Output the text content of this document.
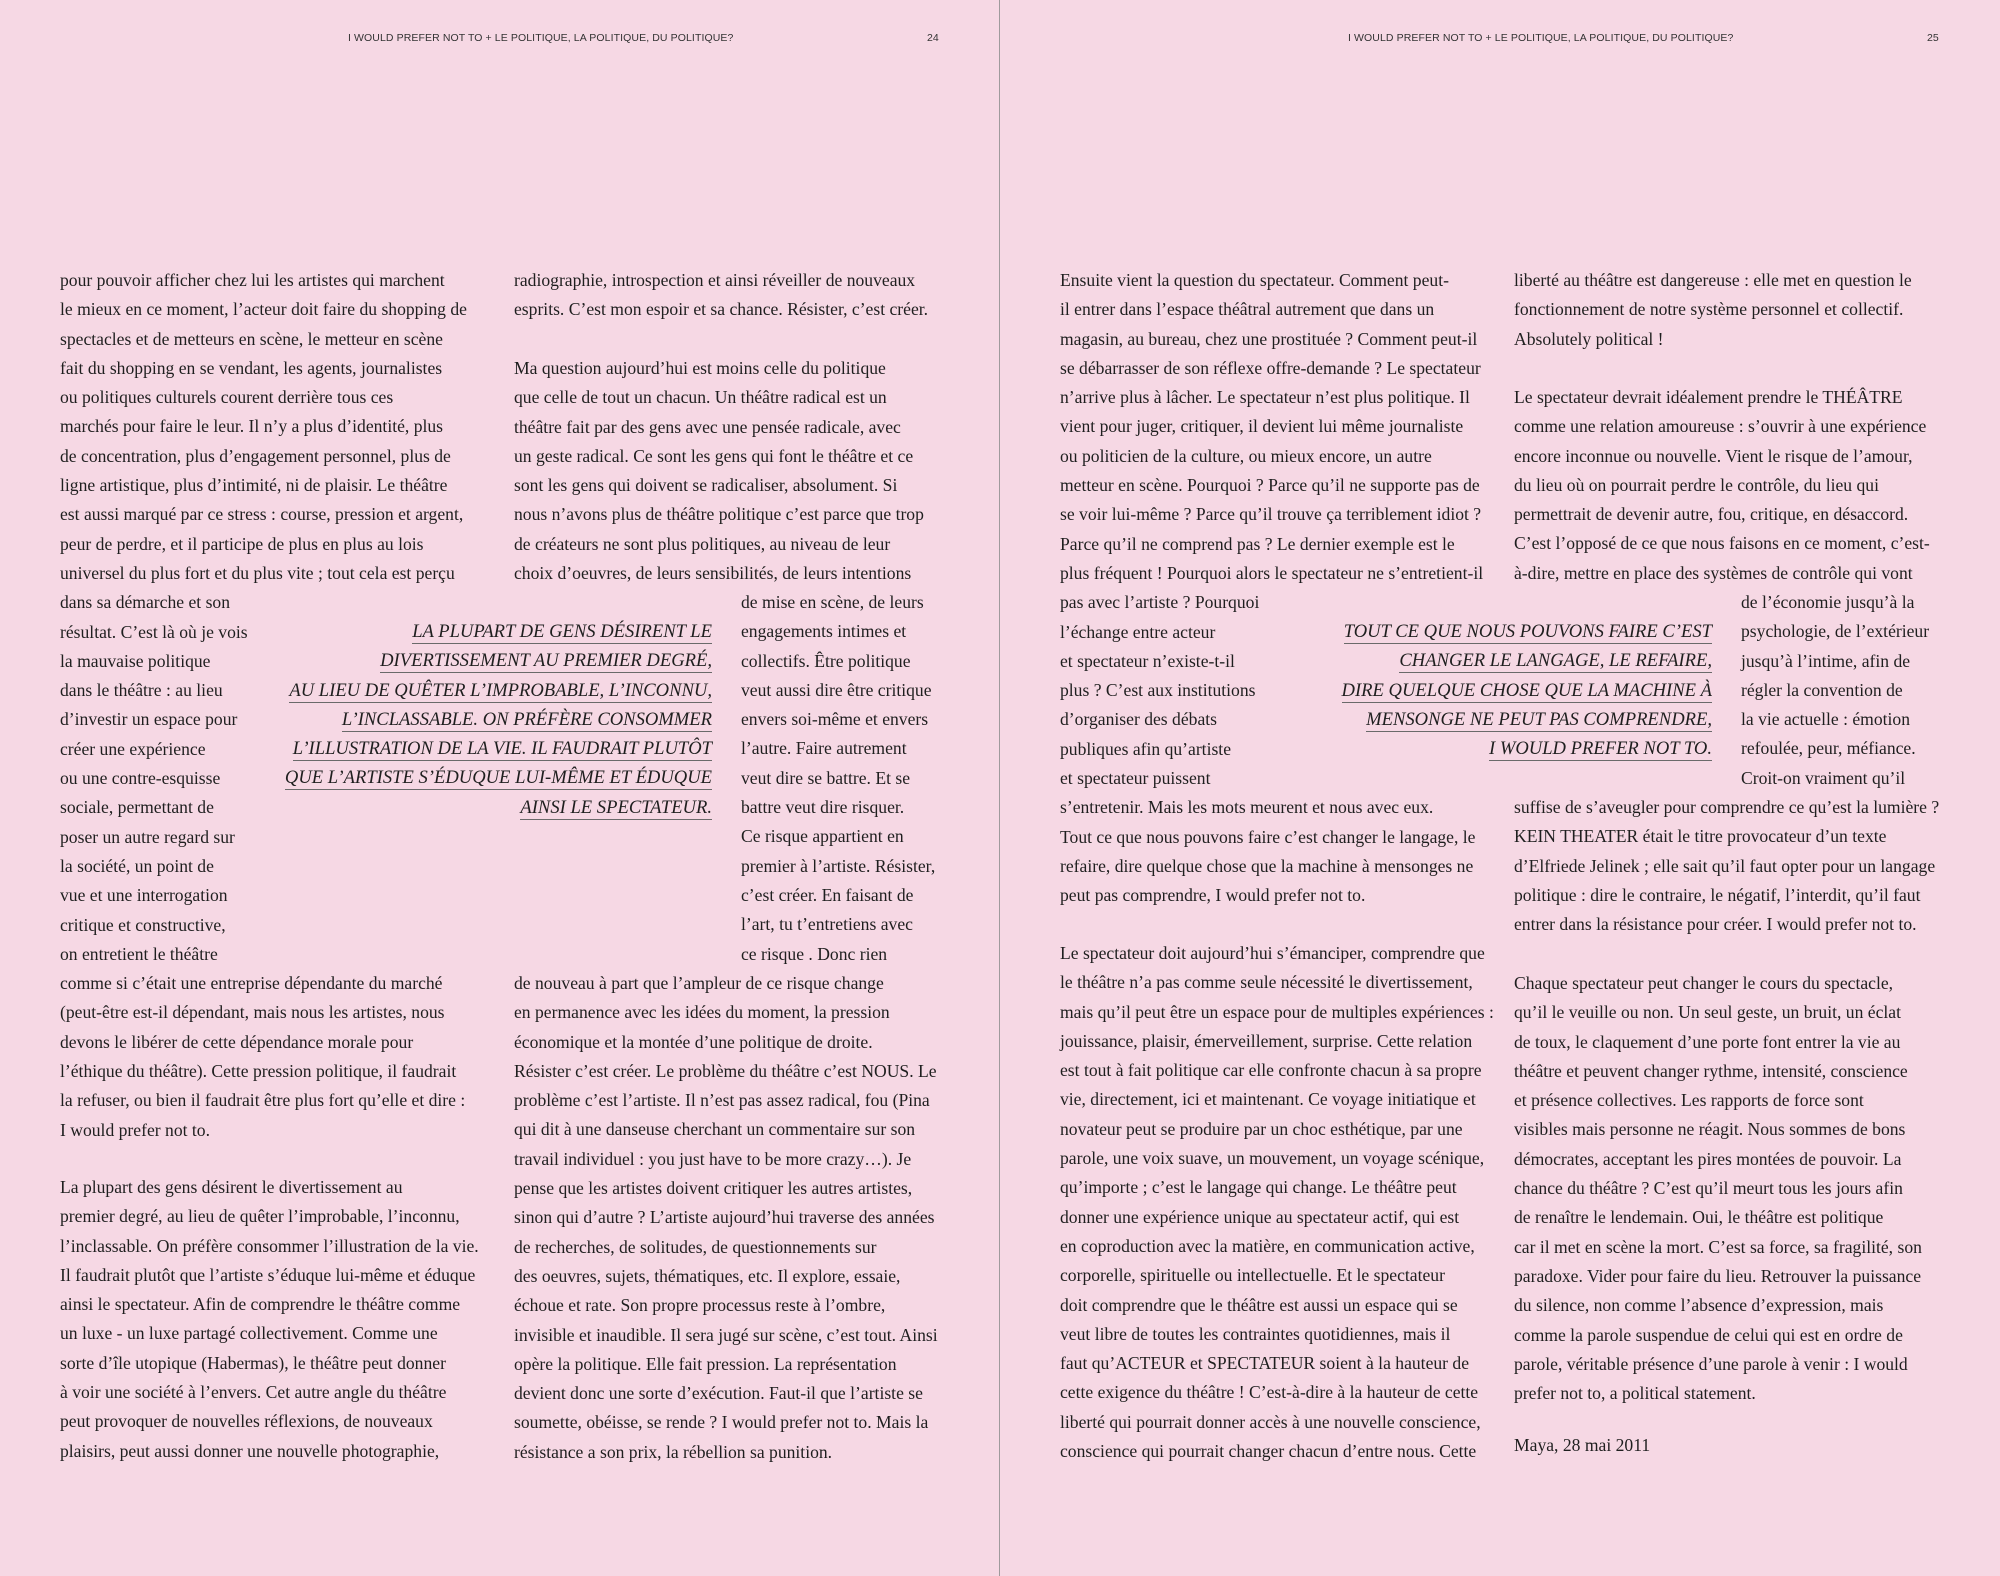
I WOULD PREFER NOT TO + LE POLITIQUE, LA POLITIQUE, DU POLITIQUE?	24	I WOULD PREFER NOT TO + LE POLITIQUE, LA POLITIQUE, DU POLITIQUE?	25
pour pouvoir afficher chez lui les artistes qui marchent
le mieux en ce moment, l’acteur doit faire du shopping de
spectacles et de metteurs en scène, le metteur en scène
fait du shopping en se vendant, les agents, journalistes
ou politiques culturels courent derrière tous ces
marchés pour faire le leur. Il n’y a plus d’identité, plus
de concentration, plus d’engagement personnel, plus de
ligne artistique, plus d’intimité, ni de plaisir. Le théâtre
est aussi marqué par ce stress : course, pression et argent,
peur de perdre, et il participe de plus en plus au lois
universel du plus fort et du plus vite ; tout cela est perçu
dans sa démarche et son
résultat. C’est là où je vois
la mauvaise politique
dans le théâtre : au lieu
d’investir un espace pour
créer une expérience
ou une contre-esquisse
sociale, permettant de
poser un autre regard sur
la société, un point de
vue et une interrogation
critique et constructive,
on entretient le théâtre
comme si c’était une entreprise dépendante du marché
(peut-être est-il dépendant, mais nous les artistes, nous
devons le libérer de cette dépendance morale pour
l’éthique du théâtre). Cette pression politique, il faudrait
la refuser, ou bien il faudrait être plus fort qu’elle et dire :
I would prefer not to.
La plupart des gens désirent le divertissement au
premier degré, au lieu de quêter l’improbable, l’inconnu,
l’inclassable. On préfère consommer l’illustration de la vie.
Il faudrait plutôt que l’artiste s’éduque lui-même et éduque
ainsi le spectateur. Afin de comprendre le théâtre comme
un luxe - un luxe partagé collectivement. Comme une
sorte d’île utopique (Habermas), le théâtre peut donner
à voir une société à l’envers. Cet autre angle du théâtre
peut provoquer de nouvelles réflexions, de nouveaux
plaisirs, peut aussi donner une nouvelle photographie,
radiographie, introspection et ainsi réveiller de nouveaux
esprits. C’est mon espoir et sa chance. Résister, c’est créer.
Ma question aujourd’hui est moins celle du politique
que celle de tout un chacun. Un théâtre radical est un
théâtre fait par des gens avec une pensée radicale, avec
un geste radical. Ce sont les gens qui font le théâtre et ce
sont les gens qui doivent se radicaliser, absolument. Si
nous n’avons plus de théâtre politique c’est parce que trop
de créateurs ne sont plus politiques, au niveau de leur
choix d’oeuvres, de leurs sensibilités, de leurs intentions
de mise en scène, de leurs
engagements intimes et
collectifs. Être politique
veut aussi dire être critique
envers soi-même et envers
l’autre. Faire autrement
veut dire se battre. Et se
battre veut dire risquer.
Ce risque appartient en
premier à l’artiste. Résister,
c’est créer. En faisant de
l’art, tu t’entretiens avec
ce risque . Donc rien
de nouveau à part que l’ampleur de ce risque change
en permanence avec les idées du moment, la pression
économique et la montée d’une politique de droite.
Résister c’est créer. Le problème du théâtre c’est NOUS. Le
problème c’est l’artiste. Il n’est pas assez radical, fou (Pina
qui dit à une danseuse cherchant un commentaire sur son
travail individuel : you just have to be more crazy…). Je
pense que les artistes doivent critiquer les autres artistes,
sinon qui d’autre ? L’artiste aujourd’hui traverse des années
de recherches, de solitudes, de questionnements sur
des oeuvres, sujets, thématiques, etc. Il explore, essaie,
échoue et rate. Son propre processus reste à l’ombre,
invisible et inaudible. Il sera jugé sur scène, c’est tout. Ainsi
opère la politique. Elle fait pression. La représentation
devient donc une sorte d’exécution. Faut-il que l’artiste se
soumette, obéisse, se rende ? I would prefer not to. Mais la
résistance a son prix, la rébellion sa punition.
LA PLUPART DE GENS DÉSIRENT LE
DIVERTISSEMENT AU PREMIER DEGRÉ,
AU LIEU DE QUÊTER L’IMPROBABLE, L’INCONNU,
L’INCLASSABLE. ON PRÉFÈRE CONSOMMER
L’ILLUSTRATION DE LA VIE. IL FAUDRAIT PLUTÔT
QUE L’ARTISTE S’ÉDUQUE LUI-MÊME ET ÉDUQUE
AINSI LE SPECTATEUR.
Ensuite vient la question du spectateur. Comment peut-
il entrer dans l’espace théâtral autrement que dans un
magasin, au bureau, chez une prostituée ? Comment peut-il
se débarrasser de son réflexe offre-demande ? Le spectateur
n’arrive plus à lâcher. Le spectateur n’est plus politique. Il
vient pour juger, critiquer, il devient lui même journaliste
ou politicien de la culture, ou mieux encore, un autre
metteur en scène. Pourquoi ? Parce qu’il ne supporte pas de
se voir lui-même ? Parce qu’il trouve ça terriblement idiot ?
Parce qu’il ne comprend pas ? Le dernier exemple est le
plus fréquent ! Pourquoi alors le spectateur ne s’entretient-il
pas avec l’artiste ? Pourquoi
l’échange entre acteur
et spectateur n’existe-t-il
plus ? C’est aux institutions
d’organiser des débats
publiques afin qu’artiste
et spectateur puissent
s’entretenir. Mais les mots meurent et nous avec eux.
Tout ce que nous pouvons faire c’est changer le langage, le
refaire, dire quelque chose que la machine à mensonges ne
peut pas comprendre, I would prefer not to.
Le spectateur doit aujourd’hui s’émanciper, comprendre que
le théâtre n’a pas comme seule nécessité le divertissement,
mais qu’il peut être un espace pour de multiples expériences :
jouissance, plaisir, émerveillement, surprise. Cette relation
est tout à fait politique car elle confronte chacun à sa propre
vie, directement, ici et maintenant. Ce voyage initiatique et
novateur peut se produire par un choc esthétique, par une
parole, une voix suave, un mouvement, un voyage scénique,
qu’importe ; c’est le langage qui change. Le théâtre peut
donner une expérience unique au spectateur actif, qui est
en coproduction avec la matière, en communication active,
corporelle, spirituelle ou intellectuelle. Et le spectateur
doit comprendre que le théâtre est aussi un espace qui se
veut libre de toutes les contraintes quotidiennes, mais il
faut qu’ACTEUR et SPECTATEUR soient à la hauteur de
cette exigence du théâtre ! C’est-à-dire à la hauteur de cette
liberté qui pourrait donner accès à une nouvelle conscience,
conscience qui pourrait changer chacun d’entre nous. Cette
liberté au théâtre est dangereuse : elle met en question le
fonctionnement de notre système personnel et collectif.
Absolutely political !
Le spectateur devrait idéalement prendre le THÉÂTRE
comme une relation amoureuse : s’ouvrir à une expérience
encore inconnue ou nouvelle. Vient le risque de l’amour,
du lieu où on pourrait perdre le contrôle, du lieu qui
permettrait de devenir autre, fou, critique, en désaccord.
C’est l’opposé de ce que nous faisons en ce moment, c’est-
à-dire, mettre en place des systèmes de contrôle qui vont
de l’économie jusqu’à la
psychologie, de l’extérieur
jusqu’à l’intime, afin de
régler la convention de
la vie actuelle : émotion
refoulée, peur, méfiance.
Croit-on vraiment qu’il
suffise de s’aveugler pour comprendre ce qu’est la lumière ?
KEIN THEATER était le titre provocateur d’un texte
d’Elfriede Jelinek ; elle sait qu’il faut opter pour un langage
politique : dire le contraire, le négatif, l’interdit, qu’il faut
entrer dans la résistance pour créer. I would prefer not to.
Chaque spectateur peut changer le cours du spectacle,
qu’il le veuille ou non. Un seul geste, un bruit, un éclat
de toux, le claquement d’une porte font entrer la vie au
théâtre et peuvent changer rythme, intensité, conscience
et présence collectives. Les rapports de force sont
visibles mais personne ne réagit. Nous sommes de bons
démocrates, acceptant les pires montées de pouvoir. La
chance du théâtre ? C’est qu’il meurt tous les jours afin
de renaître le lendemain. Oui, le théâtre est politique
car il met en scène la mort. C’est sa force, sa fragilité, son
paradoxe. Vider pour faire du lieu. Retrouver la puissance
du silence, non comme l’absence d’expression, mais
comme la parole suspendue de celui qui est en ordre de
parole, véritable présence d’une parole à venir : I would
prefer not to, a political statement.
Maya, 28 mai 2011
TOUT CE QUE NOUS POUVONS FAIRE C’EST
CHANGER LE LANGAGE, LE REFAIRE,
DIRE QUELQUE CHOSE QUE LA MACHINE À
MENSONGE NE PEUT PAS COMPRENDRE,
I WOULD PREFER NOT TO.
